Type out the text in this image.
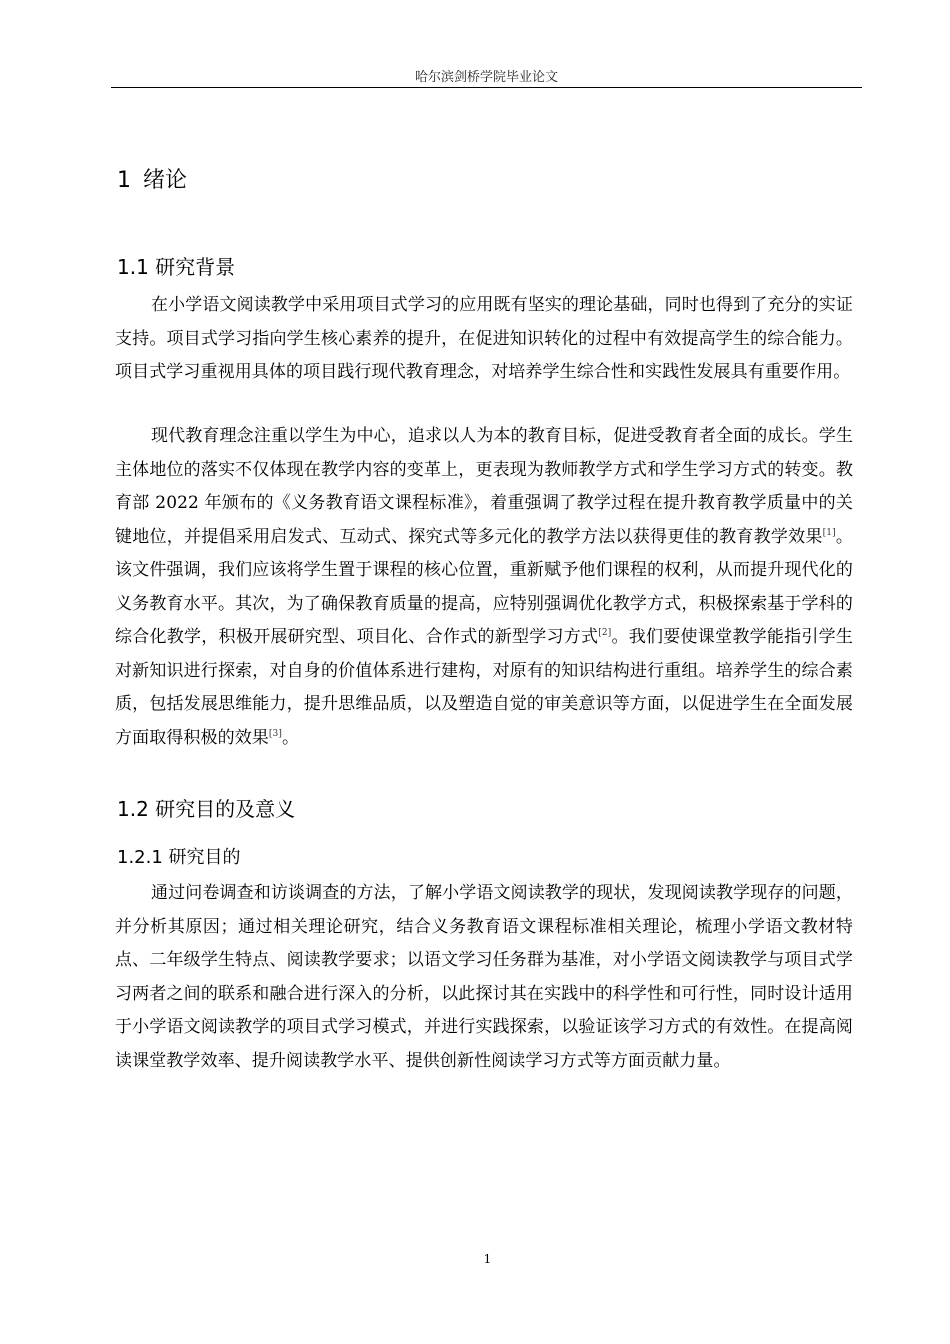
哈尔滨剑桥学院毕业论文
1 绪论
1.1 研究背景

在小学语文阅读教学中采用项目式学习的应用既有坚实的理论基础，同时也得到了充分的实证支持。项目式学习指向学生核心素养的提升，在促进知识转化的过程中有效提高学生的综合能力。项目式学习重视用具体的项目践行现代教育理念，对培养学生综合性和实践性发展具有重要作用。

现代教育理念注重以学生为中心，追求以人为本的教育目标，促进受教育者全面的成长。学生主体地位的落实不仅体现在教学内容的变革上，更表现为教师教学方式和学生学习方式的转变。教育部 2022 年颁布的《义务教育语文课程标准》，着重强调了教学过程在提升教育教学质量中的关键地位，并提倡采用启发式、互动式、探究式等多元化的教学方法以获得更佳的教育教学效果[1]。该文件强调，我们应该将学生置于课程的核心位置，重新赋予他们课程的权利，从而提升现代化的义务教育水平。其次，为了确保教育质量的提高，应特别强调优化教学方式，积极探索基于学科的综合化教学，积极开展研究型、项目化、合作式的新型学习方式[2]。我们要使课堂教学能指引学生对新知识进行探索，对自身的价值体系进行建构，对原有的知识结构进行重组。培养学生的综合素质，包括发展思维能力，提升思维品质，以及塑造自觉的审美意识等方面，以促进学生在全面发展方面取得积极的效果[3]。

1.2 研究目的及意义
1.2.1 研究目的

通过问卷调查和访谈调查的方法，了解小学语文阅读教学的现状，发现阅读教学现存的问题，并分析其原因；通过相关理论研究，结合义务教育语文课程标准相关理论，梳理小学语文教材特点、二年级学生特点、阅读教学要求；以语文学习任务群为基准，对小学语文阅读教学与项目式学习两者之间的联系和融合进行深入的分析，以此探讨其在实践中的科学性和可行性，同时设计适用于小学语文阅读教学的项目式学习模式，并进行实践探索，以验证该学习方式的有效性。在提高阅读课堂教学效率、提升阅读教学水平、提供创新性阅读学习方式等方面贡献力量。

1
